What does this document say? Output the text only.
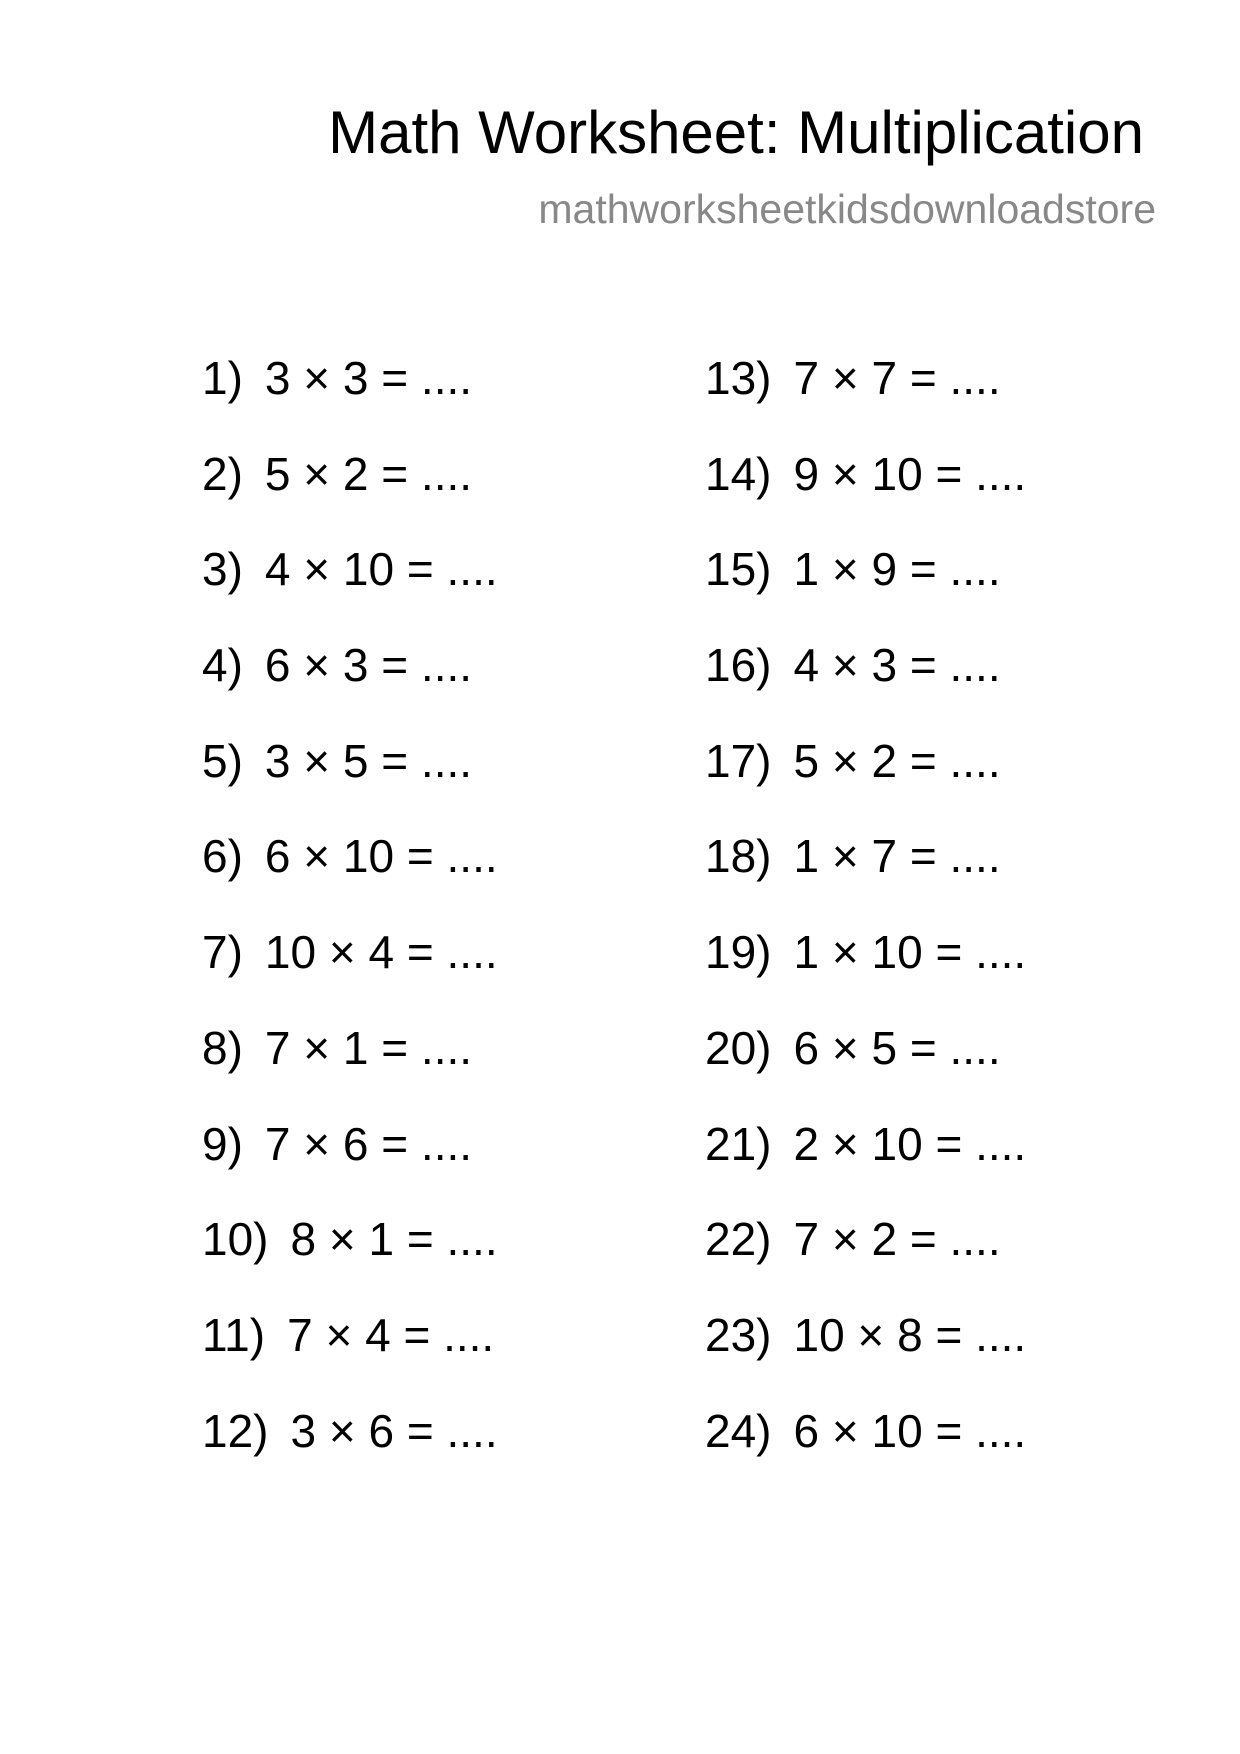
Math Worksheet: Multiplication
mathworksheetkidsdownloadstore
1) 3 × 3 = ....
2) 5 × 2 = ....
3) 4 × 10 = ....
4) 6 × 3 = ....
5) 3 × 5 = ....
6) 6 × 10 = ....
7) 10 × 4 = ....
8) 7 × 1 = ....
9) 7 × 6 = ....
10) 8 × 1 = ....
11) 7 × 4 = ....
12) 3 × 6 = ....
13) 7 × 7 = ....
14) 9 × 10 = ....
15) 1 × 9 = ....
16) 4 × 3 = ....
17) 5 × 2 = ....
18) 1 × 7 = ....
19) 1 × 10 = ....
20) 6 × 5 = ....
21) 2 × 10 = ....
22) 7 × 2 = ....
23) 10 × 8 = ....
24) 6 × 10 = ....
